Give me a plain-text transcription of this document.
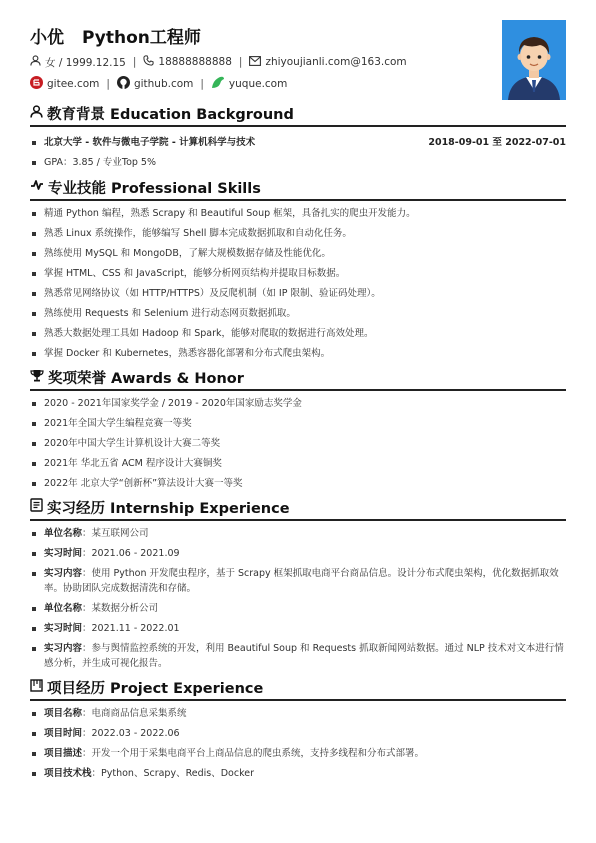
小优 Python工程师
女 / 1999.12.15 | 18888888888 | zhiyoujianli.com@163.com
gitee.com | github.com | yuque.com
教育背景 Education Background
北京大学 - 软件与微电子学院 - 计算机科学与技术	2018-09-01 至 2022-07-01
GPA：3.85 / 专业Top 5%
专业技能 Professional Skills
精通 Python 编程，熟悉 Scrapy 和 Beautiful Soup 框架，具备扎实的爬虫开发能力。
熟悉 Linux 系统操作，能够编写 Shell 脚本完成数据抓取和自动化任务。
熟练使用 MySQL 和 MongoDB，了解大规模数据存储及性能优化。
掌握 HTML、CSS 和 JavaScript，能够分析网页结构并提取目标数据。
熟悉常见网络协议（如 HTTP/HTTPS）及反爬机制（如 IP 限制、验证码处理）。
熟练使用 Requests 和 Selenium 进行动态网页数据抓取。
熟悉大数据处理工具如 Hadoop 和 Spark，能够对爬取的数据进行高效处理。
掌握 Docker 和 Kubernetes，熟悉容器化部署和分布式爬虫架构。
奖项荣誉 Awards & Honor
2020 - 2021年国家奖学金 / 2019 - 2020年国家励志奖学金
2021年全国大学生编程竞赛一等奖
2020年中国大学生计算机设计大赛二等奖
2021年 华北五省 ACM 程序设计大赛铜奖
2022年 北京大学“创新杯”算法设计大赛一等奖
实习经历 Internship Experience
单位名称：某互联网公司
实习时间：2021.06 - 2021.09
实习内容：使用 Python 开发爬虫程序，基于 Scrapy 框架抓取电商平台商品信息。设计分布式爬虫架构，优化数据抓取效率。协助团队完成数据清洗和存储。
单位名称：某数据分析公司
实习时间：2021.11 - 2022.01
实习内容：参与舆情监控系统的开发，利用 Beautiful Soup 和 Requests 抓取新闻网站数据。通过 NLP 技术对文本进行情感分析，并生成可视化报告。
项目经历 Project Experience
项目名称：电商商品信息采集系统
项目时间：2022.03 - 2022.06
项目描述：开发一个用于采集电商平台上商品信息的爬虫系统，支持多线程和分布式部署。
项目技术栈：Python、Scrapy、Redis、Docker
